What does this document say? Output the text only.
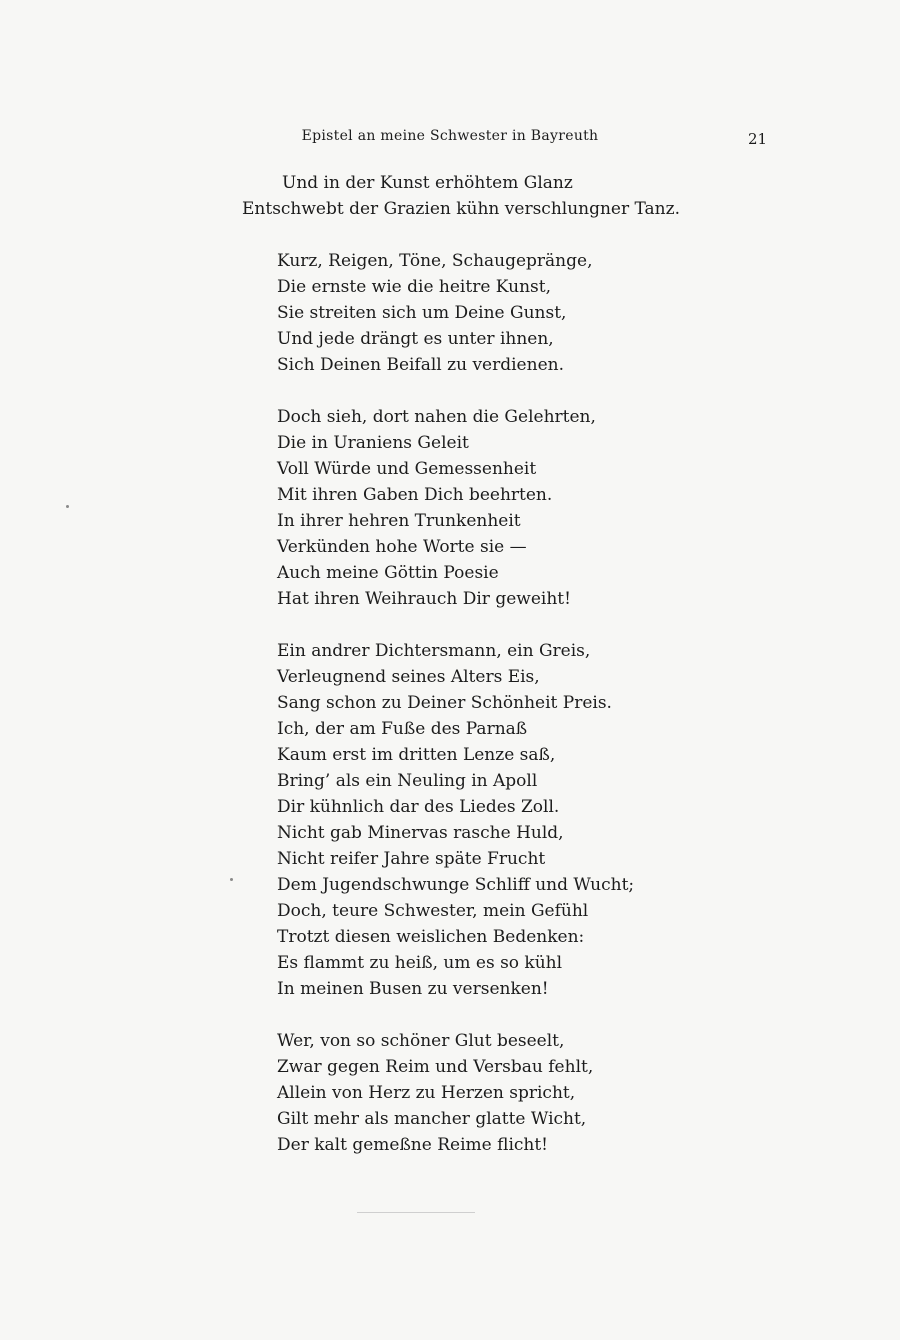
Epistel an meine Schwester in Bayreuth	21
Und in der Kunst erhöhtem Glanz
Entschwebt der Grazien kühn verschlungner Tanz.
Kurz, Reigen, Töne, Schaugepränge,
Die ernste wie die heitre Kunst,
Sie streiten sich um Deine Gunst,
Und jede drängt es unter ihnen,
Sich Deinen Beifall zu verdienen.
Doch sieh, dort nahen die Gelehrten,
Die in Uraniens Geleit
Voll Würde und Gemessenheit
Mit ihren Gaben Dich beehrten.
In ihrer hehren Trunkenheit
Verkünden hohe Worte sie —
Auch meine Göttin Poesie
Hat ihren Weihrauch Dir geweiht!
Ein andrer Dichtersmann, ein Greis,
Verleugnend seines Alters Eis,
Sang schon zu Deiner Schönheit Preis.
Ich, der am Fuße des Parnaß
Kaum erst im dritten Lenze saß,
Bring’ als ein Neuling in Apoll
Dir kühnlich dar des Liedes Zoll.
Nicht gab Minervas rasche Huld,
Nicht reifer Jahre späte Frucht
Dem Jugendschwunge Schliff und Wucht;
Doch, teure Schwester, mein Gefühl
Trotzt diesen weislichen Bedenken:
Es flammt zu heiß, um es so kühl
In meinen Busen zu versenken!
Wer, von so schöner Glut beseelt,
Zwar gegen Reim und Versbau fehlt,
Allein von Herz zu Herzen spricht,
Gilt mehr als mancher glatte Wicht,
Der kalt gemeßne Reime flicht!
